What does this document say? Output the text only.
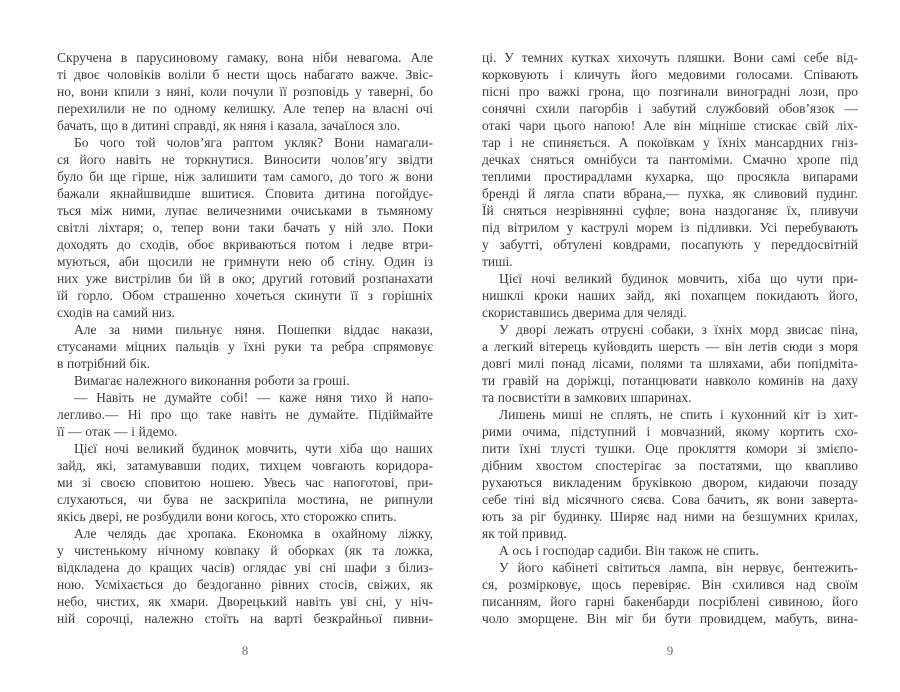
Скручена в парусиновому гамаку, вона ніби невагома. Але
ті двоє чоловіків воліли б нести щось набагато важче. Звіс-
но, вони кпили з няні, коли почули її розповідь у таверні, бо
перехилили не по одному келишку. Але тепер на власні очі
бачать, що в дитині справді, як няня і казала, зачаїлося зло.
Бо чого той чолов’яга раптом укляк? Вони намагали-
ся його навіть не торкнутися. Виносити чолов’ягу звідти
було би ще гірше, ніж залишити там самого, до того ж вони
бажали якнайшвидше вшитися. Сповита дитина погойдує-
ться між ними, лупає величезними очиськами в тьмяному
світлі ліхтаря; о, тепер вони таки бачать у ній зло. Поки
доходять до сходів, обоє вкриваються потом і ледве втри-
муються, аби щосили не гримнути нею об стіну. Один із
них уже вистрілив би їй в око; другий готовий розпанахати
їй горло. Обом страшенно хочеться скинути її з горішніх
сходів на самий низ.
Але за ними пильнує няня. Пошепки віддає накази,
стусанами міцних пальців у їхні руки та ребра спрямовує
в потрібний бік.
Вимагає належного виконання роботи за гроші.
— Навіть не думайте собі! — каже няня тихо й напо-
легливо.— Ні про що таке навіть не думайте. Підіймайте
її — отак — і йдемо.
Цієї ночі великий будинок мовчить, чути хіба що наших
зайд, які, затамувавши подих, тихцем човгають коридора-
ми зі своєю сповитою ношею. Увесь час напоготові, при-
слухаються, чи бува не заскрипіла мостина, не рипнули
якісь двері, не розбудили вони когось, хто сторожко спить.
Але челядь дає хропака. Економка в охайному ліжку,
у чистенькому нічному ковпаку й оборках (як та ложка,
відкладена до кращих часів) оглядає уві сні шафи з білиз-
ною. Усміхається до бездоганно рівних стосів, свіжих, як
небо, чистих, як хмари. Дворецький навіть уві сні, у ніч-
ній сорочці, належно стоїть на варті безкрайньої пивни-
ці. У темних кутках хихочуть пляшки. Вони самі себе від-
корковують і кличуть його медовими голосами. Співають
пісні про важкі грона, що позгинали виноградні лози, про
сонячні схили пагорбів і забутий службовий обов’язок —
отакі чари цього напою! Але він міцніше стискає свій ліх-
тар і не спиняється. А покоївкам у їхніх мансардних гніз-
дечках сняться омнібуси та пантоміми. Смачно хропе під
теплими простирадлами кухарка, що просякла випарами
бренді й лягла спати вбрана,— пухка, як сливовий пудинг.
Їй сняться незрівнянні суфле; вона наздоганяє їх, пливучи
під вітрилом у каструлі морем із підливки. Усі перебувають
у забутті, обтулені ковдрами, посапують у переддосвітній
тиші.
Цієї ночі великий будинок мовчить, хіба що чути при-
нишклі кроки наших зайд, які похапцем покидають його,
скориставшись дверима для челяді.
У дворі лежать отруєні собаки, з їхніх морд звисає піна,
а легкий вітерець куйовдить шерсть — він летів сюди з моря
довгі милі понад лісами, полями та шляхами, аби попідміта-
ти гравій на доріжці, потанцювати навколо коминів на даху
та посвистіти в замкових шпаринах.
Лишень миші не сплять, не спить і кухонний кіт із хит-
рими очима, підступний і мовчазний, якому кортить схо-
пити їхні тлусті тушки. Оце прокляття комори зі змієпо-
дібним хвостом спостерігає за постатями, що квапливо
рухаються викладеним бруківкою двором, кидаючи позаду
себе тіні від місячного сяєва. Сова бачить, як вони заверта-
ють за ріг будинку. Ширяє над ними на безшумних крилах,
як той привид.
А ось і господар садиби. Він також не спить.
У його кабінеті світиться лампа, він нервує, бентежить-
ся, розмірковує, щось перевіряє. Він схилився над своїм
писанням, його гарні бакенбарди посріблені сивиною, його
чоло зморщене. Він міг би бути провидцем, мабуть, вина-
8	9
